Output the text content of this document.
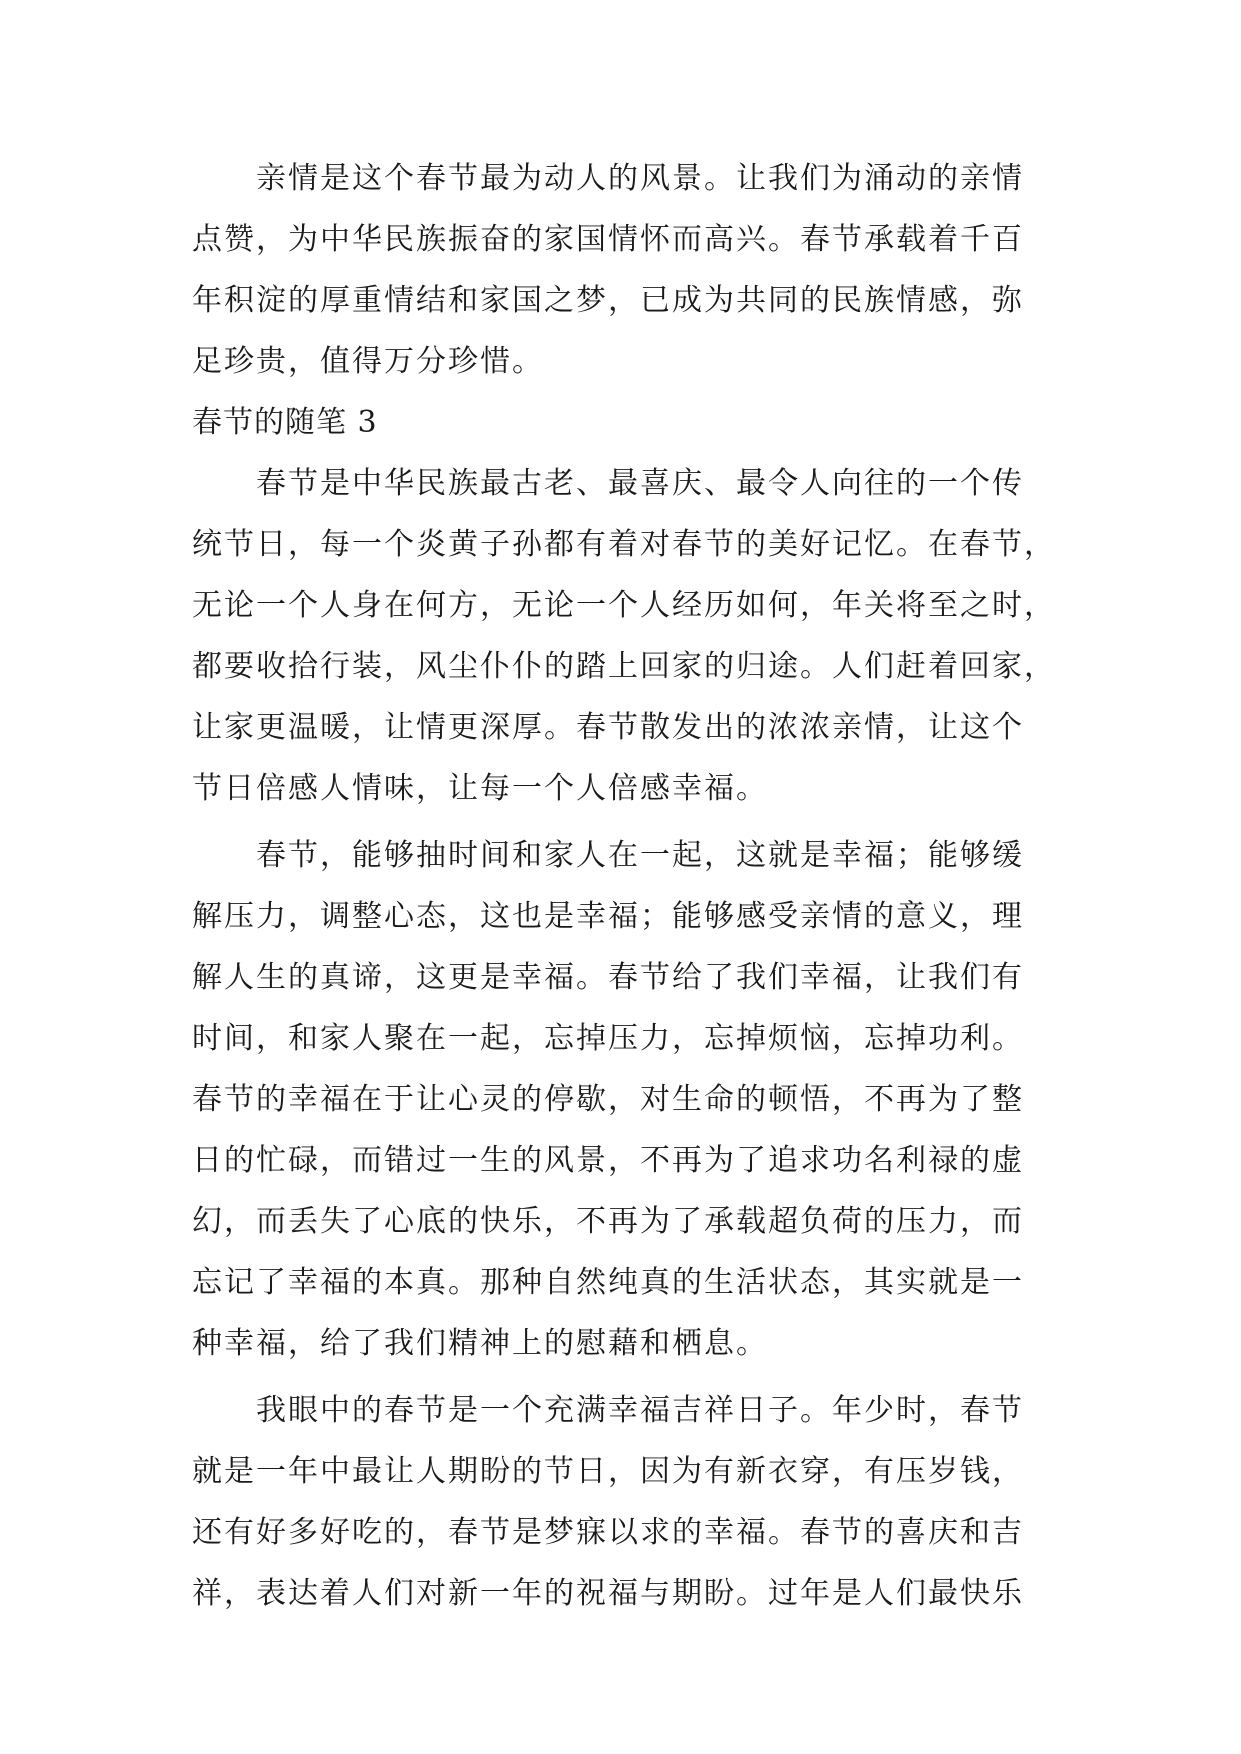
亲情是这个春节最为动人的风景。让我们为涌动的亲情
点赞，为中华民族振奋的家国情怀而高兴。春节承载着千百
年积淀的厚重情结和家国之梦，已成为共同的民族情感，弥
足珍贵，值得万分珍惜。
春节的随笔 3
春节是中华民族最古老、最喜庆、最令人向往的一个传
统节日，每一个炎黄子孙都有着对春节的美好记忆。在春节，
无论一个人身在何方，无论一个人经历如何，年关将至之时，
都要收拾行装，风尘仆仆的踏上回家的归途。人们赶着回家，
让家更温暖，让情更深厚。春节散发出的浓浓亲情，让这个
节日倍感人情味，让每一个人倍感幸福。
春节，能够抽时间和家人在一起，这就是幸福；能够缓
解压力，调整心态，这也是幸福；能够感受亲情的意义，理
解人生的真谛，这更是幸福。春节给了我们幸福，让我们有
时间，和家人聚在一起，忘掉压力，忘掉烦恼，忘掉功利。
春节的幸福在于让心灵的停歇，对生命的顿悟，不再为了整
日的忙碌，而错过一生的风景，不再为了追求功名利禄的虚
幻，而丢失了心底的快乐，不再为了承载超负荷的压力，而
忘记了幸福的本真。那种自然纯真的生活状态，其实就是一
种幸福，给了我们精神上的慰藉和栖息。
我眼中的春节是一个充满幸福吉祥日子。年少时，春节
就是一年中最让人期盼的节日，因为有新衣穿，有压岁钱，
还有好多好吃的，春节是梦寐以求的幸福。春节的喜庆和吉
祥，表达着人们对新一年的祝福与期盼。过年是人们最快乐
